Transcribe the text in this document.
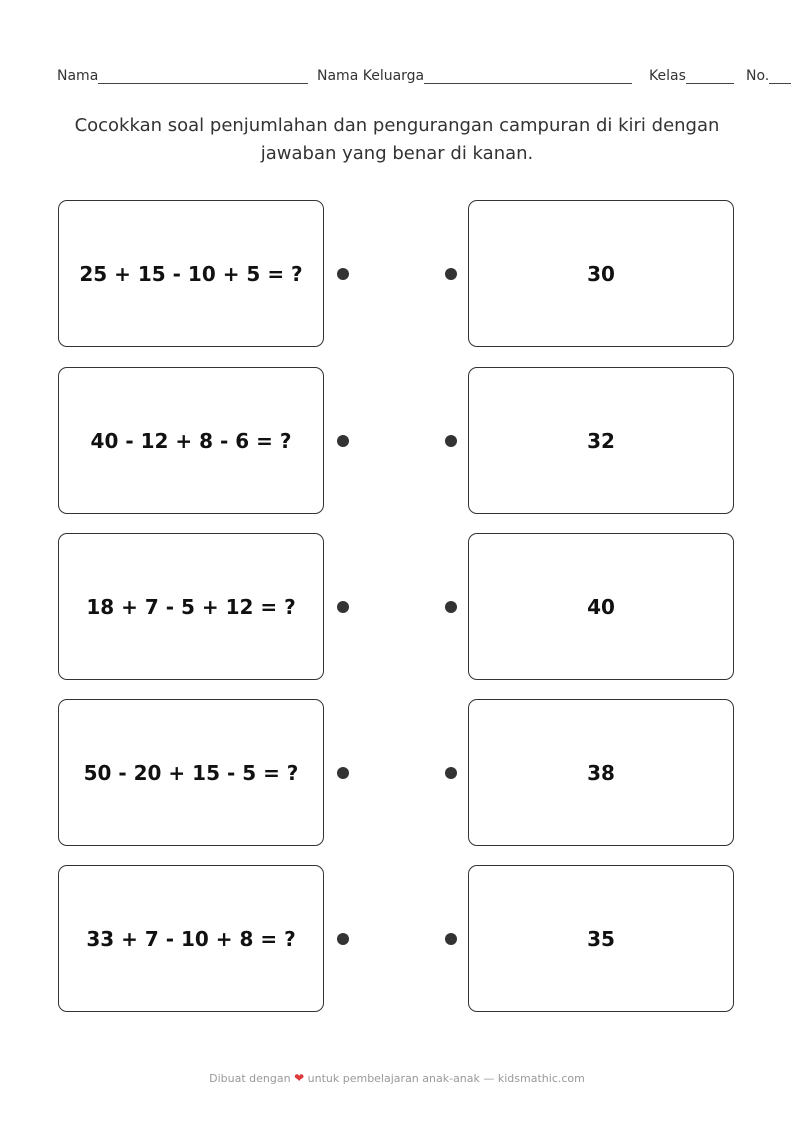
Nama	Nama Keluarga	Kelas	No.
Cocokkan soal penjumlahan dan pengurangan campuran di kiri dengan jawaban yang benar di kanan.
25 + 15 - 10 + 5 = ?	30
40 - 12 + 8 - 6 = ?	32
18 + 7 - 5 + 12 = ?	40
50 - 20 + 15 - 5 = ?	38
33 + 7 - 10 + 8 = ?	35
Dibuat dengan ❤ untuk pembelajaran anak-anak — kidsmathic.com
